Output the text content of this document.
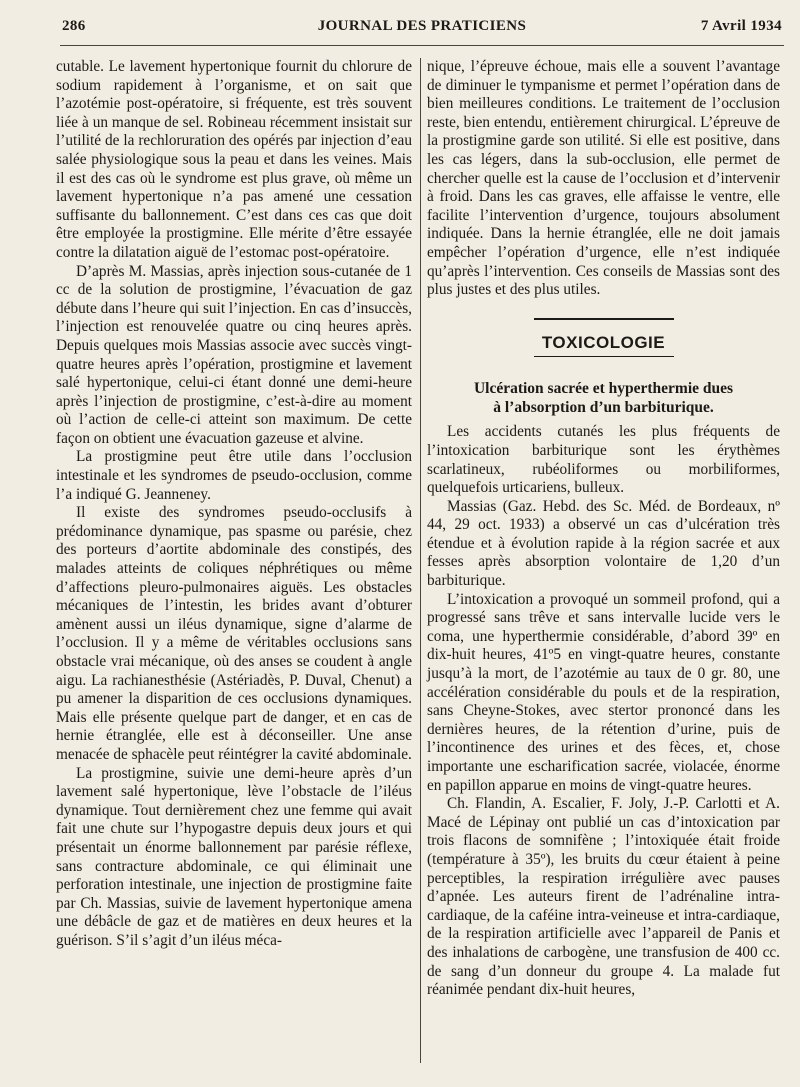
286	JOURNAL DES PRATICIENS	7 Avril 1934

cutable. Le lavement hypertonique fournit du chlorure de sodium rapidement à l’organisme, et on sait que l’azotémie post-opératoire, si fréquente, est très souvent liée à un manque de sel. Robineau récemment insistait sur l’utilité de la rechloruration des opérés par injection d’eau salée physiologique sous la peau et dans les veines. Mais il est des cas où le syndrome est plus grave, où même un lavement hypertonique n’a pas amené une cessation suffisante du ballonnement. C’est dans ces cas que doit être employée la prostigmine. Elle mérite d’être essayée contre la dilatation aiguë de l’estomac post-opératoire.

D’après M. Massias, après injection sous-cutanée de 1 cc de la solution de prostigmine, l’évacuation de gaz débute dans l’heure qui suit l’injection. En cas d’insuccès, l’injection est renouvelée quatre ou cinq heures après. Depuis quelques mois Massias associe avec succès vingt-quatre heures après l’opération, prostigmine et lavement salé hypertonique, celui-ci étant donné une demi-heure après l’injection de prostigmine, c’est-à-dire au moment où l’action de celle-ci atteint son maximum. De cette façon on obtient une évacuation gazeuse et alvine.

La prostigmine peut être utile dans l’occlusion intestinale et les syndromes de pseudo-occlusion, comme l’a indiqué G. Jeanneney.

Il existe des syndromes pseudo-occlusifs à prédominance dynamique, pas spasme ou parésie, chez des porteurs d’aortite abdominale des constipés, des malades atteints de coliques néphrétiques ou même d’affections pleuro-pulmonaires aiguës. Les obstacles mécaniques de l’intestin, les brides avant d’obturer amènent aussi un iléus dynamique, signe d’alarme de l’occlusion. Il y a même de véritables occlusions sans obstacle vrai mécanique, où des anses se coudent à angle aigu. La rachianesthésie (Astériadès, P. Duval, Chenut) a pu amener la disparition de ces occlusions dynamiques. Mais elle présente quelque part de danger, et en cas de hernie étranglée, elle est à déconseiller. Une anse menacée de sphacèle peut réintégrer la cavité abdominale.

La prostigmine, suivie une demi-heure après d’un lavement salé hypertonique, lève l’obstacle de l’iléus dynamique. Tout dernièrement chez une femme qui avait fait une chute sur l’hypogastre depuis deux jours et qui présentait un énorme ballonnement par parésie réflexe, sans contracture abdominale, ce qui éliminait une perforation intestinale, une injection de prostigmine faite par Ch. Massias, suivie de lavement hypertonique amena une débâcle de gaz et de matières en deux heures et la guérison. S’il s’agit d’un iléus méca-

nique, l’épreuve échoue, mais elle a souvent l’avantage de diminuer le tympanisme et permet l’opération dans de bien meilleures conditions. Le traitement de l’occlusion reste, bien entendu, entièrement chirurgical. L’épreuve de la prostigmine garde son utilité. Si elle est positive, dans les cas légers, dans la sub-occlusion, elle permet de chercher quelle est la cause de l’occlusion et d’intervenir à froid. Dans les cas graves, elle affaisse le ventre, elle facilite l’intervention d’urgence, toujours absolument indiquée. Dans la hernie étranglée, elle ne doit jamais empêcher l’opération d’urgence, elle n’est indiquée qu’après l’intervention. Ces conseils de Massias sont des plus justes et des plus utiles.

TOXICOLOGIE
Ulcération sacrée et hyperthermie dues
à l’absorption d’un barbiturique.

Les accidents cutanés les plus fréquents de l’intoxication barbiturique sont les érythèmes scarlatineux, rubéoliformes ou morbiliformes, quelquefois urticariens, bulleux.

Massias (Gaz. Hebd. des Sc. Méd. de Bordeaux, nº 44, 29 oct. 1933) a observé un cas d’ulcération très étendue et à évolution rapide à la région sacrée et aux fesses après absorption volontaire de 1,20 d’un barbiturique.

L’intoxication a provoqué un sommeil profond, qui a progressé sans trêve et sans intervalle lucide vers le coma, une hyperthermie considérable, d’abord 39º en dix-huit heures, 41º5 en vingt-quatre heures, constante jusqu’à la mort, de l’azotémie au taux de 0 gr. 80, une accélération considérable du pouls et de la respiration, sans Cheyne-Stokes, avec stertor prononcé dans les dernières heures, de la rétention d’urine, puis de l’incontinence des urines et des fèces, et, chose importante une escharification sacrée, violacée, énorme en papillon apparue en moins de vingt-quatre heures.

Ch. Flandin, A. Escalier, F. Joly, J.-P. Carlotti et A. Macé de Lépinay ont publié un cas d’intoxication par trois flacons de somnifène ; l’intoxiquée était froide (température à 35º), les bruits du cœur étaient à peine perceptibles, la respiration irrégulière avec pauses d’apnée. Les auteurs firent de l’adrénaline intra-cardiaque, de la caféine intra-veineuse et intra-cardiaque, de la respiration artificielle avec l’appareil de Panis et des inhalations de carbogène, une transfusion de 400 cc. de sang d’un donneur du groupe 4. La malade fut réanimée pendant dix-huit heures,
